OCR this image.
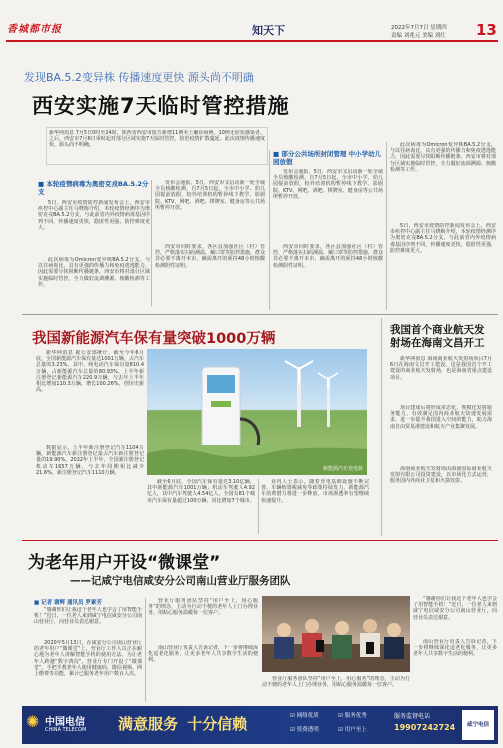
香城都市报	知天下	2022年7月7日 星期四
责编 刘兆元 美编 刘红 13
发现BA.5.2变异株 传播速度更快 源头尚不明确
西安实施7天临时管控措施
新华网消息 7月5日0时至24时，陕西省西安市报告新增11例本土确诊病例，10例无症状感染者。之后，西安市7月6日零时起对部分区域实施7天临时管控，防范疫情扩散蔓延。此次疫情传播速度快，源头尚不明确。
■ 本轮疫情病毒为奥密克戎BA.5.2分支
5日，西安市疫情防控新闻发布会上，西安市疾控中心副主任马晓梅介绍，本轮疫情经测序为奥密克戎BA.5.2分支，与此前省内外疫情病毒基因序列不同，传播速度更快，隐匿性更强，防控难度更大。
此次病毒为Omicron变异株BA.5.2分支，与以往病毒比，具有更强的传播力和免疫逃逸能力，因此需要尽快阻断传播链条。西安市将对部分区域实施临时管控，全力做好流调溯源、核酸检测等工作。
发布会通报，5日，西安市又启动新一轮全域全员核酸检测。自7月5日起，全市中小学、幼儿园提前放假，校外培训机构暂停线下教学。影剧院、KTV、网吧、酒吧、棋牌室、健身房等公共场所暂停开放。
西安市同时要求，各区县加强社区（村）管控，严格落实扫码测温、戴口罩等防控措施，群众非必要不离开本市，确需离开的须持48小时核酸检测阴性证明。
■ 部分公共场所封闭管理 中小学幼儿园放假
发布会通报，5日，西安市又启动新一轮全域全员核酸检测。自7月5日起，全市中小学、幼儿园提前放假，校外培训机构暂停线下教学。影剧院、KTV、网吧、酒吧、棋牌室、健身房等公共场所暂停开放。
西安市同时要求，各区县加强社区（村）管控，严格落实扫码测温、戴口罩等防控措施，群众非必要不离开本市，确需离开的须持48小时核酸检测阴性证明。
此次病毒为Omicron变异株BA.5.2分支，与以往病毒比，具有更强的传播力和免疫逃逸能力，因此需要尽快阻断传播链条。西安市将对部分区域实施临时管控，全力做好流调溯源、核酸检测等工作。
5日，西安市疫情防控新闻发布会上，西安市疾控中心副主任马晓梅介绍，本轮疫情经测序为奥密克戎BA.5.2分支，与此前省内外疫情病毒基因序列不同，传播速度更快，隐匿性更强，防控难度更大。
我国新能源汽车保有量突破1000万辆
新华网消息 据公安部统计，截至今年6月底，全国新能源汽车保有量达1001万辆，占汽车总量的3.23%。其中，纯电动汽车保有量810.4万辆，占新能源汽车总量的80.93%。上半年新注册登记新能源汽车220.9万辆，与去年上半年相比增加110.3万辆，增长100.26%，创历史新高。
数据显示，上半年新注册登记汽车1104万辆，新能源汽车新注册登记量占汽车新注册登记量的19.90%。2022年上半年，全国新注册登记机动车1657万辆，与去年同期相比减少21.6%，新注册登记汽车1110万辆。
新能源汽车充电桩
截至6月底，全国汽车保有量达3.10亿辆，其中新能源汽车1001万辆；机动车驾驶人4.92亿人，其中汽车驾驶人4.54亿人。全国有81个城市汽车保有量超过100万辆，同比增加7个城市。
业内人士表示，随着充电基础设施不断完善、车辆购置税减免等政策持续发力，新能源汽车消费潜力将进一步释放，市场渗透率有望继续快速提升。
我国首个商业航天发射场在海南文昌开工
新华网消息 海南商业航天发射场项目7月6日在海南文昌开工建设。这是我国首个开工建设的商业航天发射场，也是海南省重点建设项目。
项目建成后将形成常态化、规模化发射服务能力，有效满足国内商业航天快速发展需求，进一步提升我国进入空间的能力，助力海南自由贸易港建设和航天产业集聚发展。
海南商业航天发射场由海南国际商业航天发射有限公司投资建设，以市场化方式运营，服务国内外商业卫星和火箭发射。
为老年用户开设“微课堂”
——记咸宁电信咸安分公司南山营业厅服务团队
■ 记者 谢辉 通讯员 罗素芳
“感谢你们让我这个老年人也学会了用智能手机！”近日，一位老人来到咸宁电信咸安分公司南山营业厅，向营业员表达谢意。
2020年5月13日，在咸安分公司南山营业厅的老年用户“微课堂”上，营业厅工作人员正在耐心地为老年人讲解智能手机的使用方法。为让老年人跨越“数字鸿沟”，营业厅专门开设了“微课堂”，手把手教老年人使用健康码、微信视频、网上缴费等功能，累计已服务老年用户数百人次。
营业厅服务团队坚持“用户至上，用心服务”的理念，主动为行动不便的老年人上门办理业务，用贴心服务温暖每一位客户。
南山营业厅负责人告诉记者，下一步将继续深化适老化服务，让更多老年人共享数字生活的便利。
“感谢你们让我这个老年人也学会了用智能手机！”近日，一位老人来到咸宁电信咸安分公司南山营业厅，向营业员表达谢意。
南山营业厅负责人告诉记者，下一步将继续深化适老化服务，让更多老年人共享数字生活的便利。
营业厅服务团队坚持“用户至上，用心服务”的理念，主动为行动不便的老年人上门办理业务，用贴心服务温暖每一位客户。
✺ 中国电信
CHINA TELECOM 满意服务 十分信赖	☑ 网络优质	☑ 服务优秀
☑ 资费透明	☑ 用户至上
服务监督电话
19907242724	咸宁电信
